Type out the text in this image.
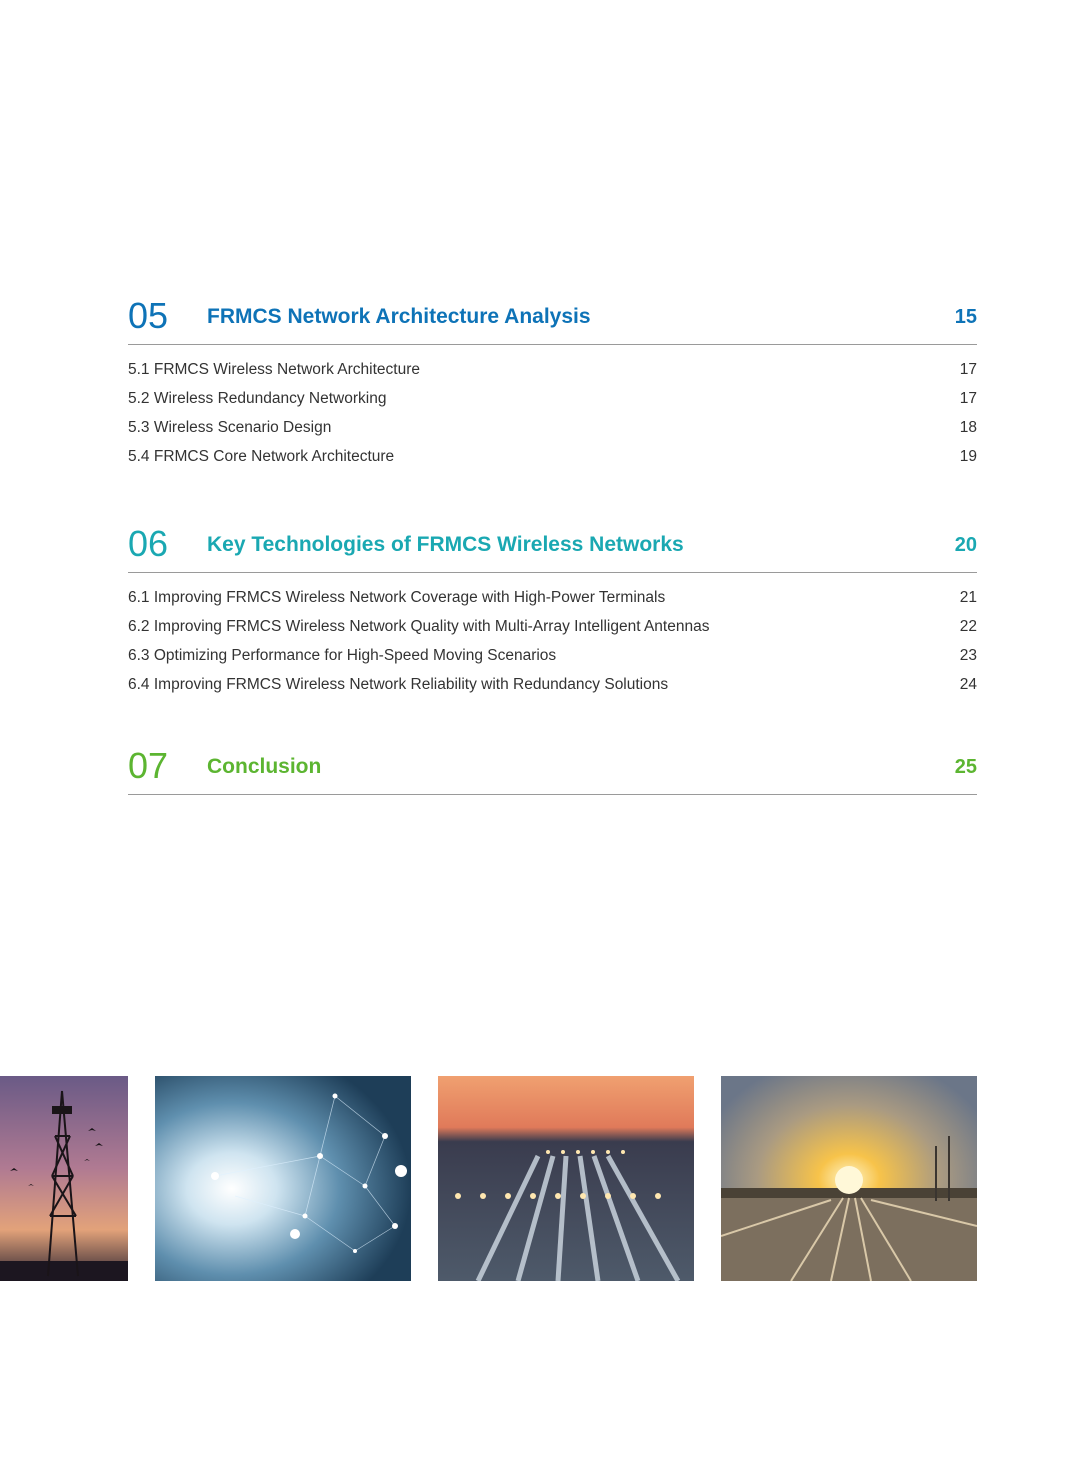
05 FRMCS Network Architecture Analysis	15
5.1 FRMCS Wireless Network Architecture	17
5.2 Wireless Redundancy Networking	17
5.3 Wireless Scenario Design	18
5.4 FRMCS Core Network Architecture	19
06 Key Technologies of FRMCS Wireless Networks	20
6.1 Improving FRMCS Wireless Network Coverage with High-Power Terminals	21
6.2 Improving FRMCS Wireless Network Quality with Multi-Array Intelligent Antennas	22
6.3 Optimizing Performance for High-Speed Moving Scenarios	23
6.4 Improving FRMCS Wireless Network Reliability with Redundancy Solutions	24
07 Conclusion	25
